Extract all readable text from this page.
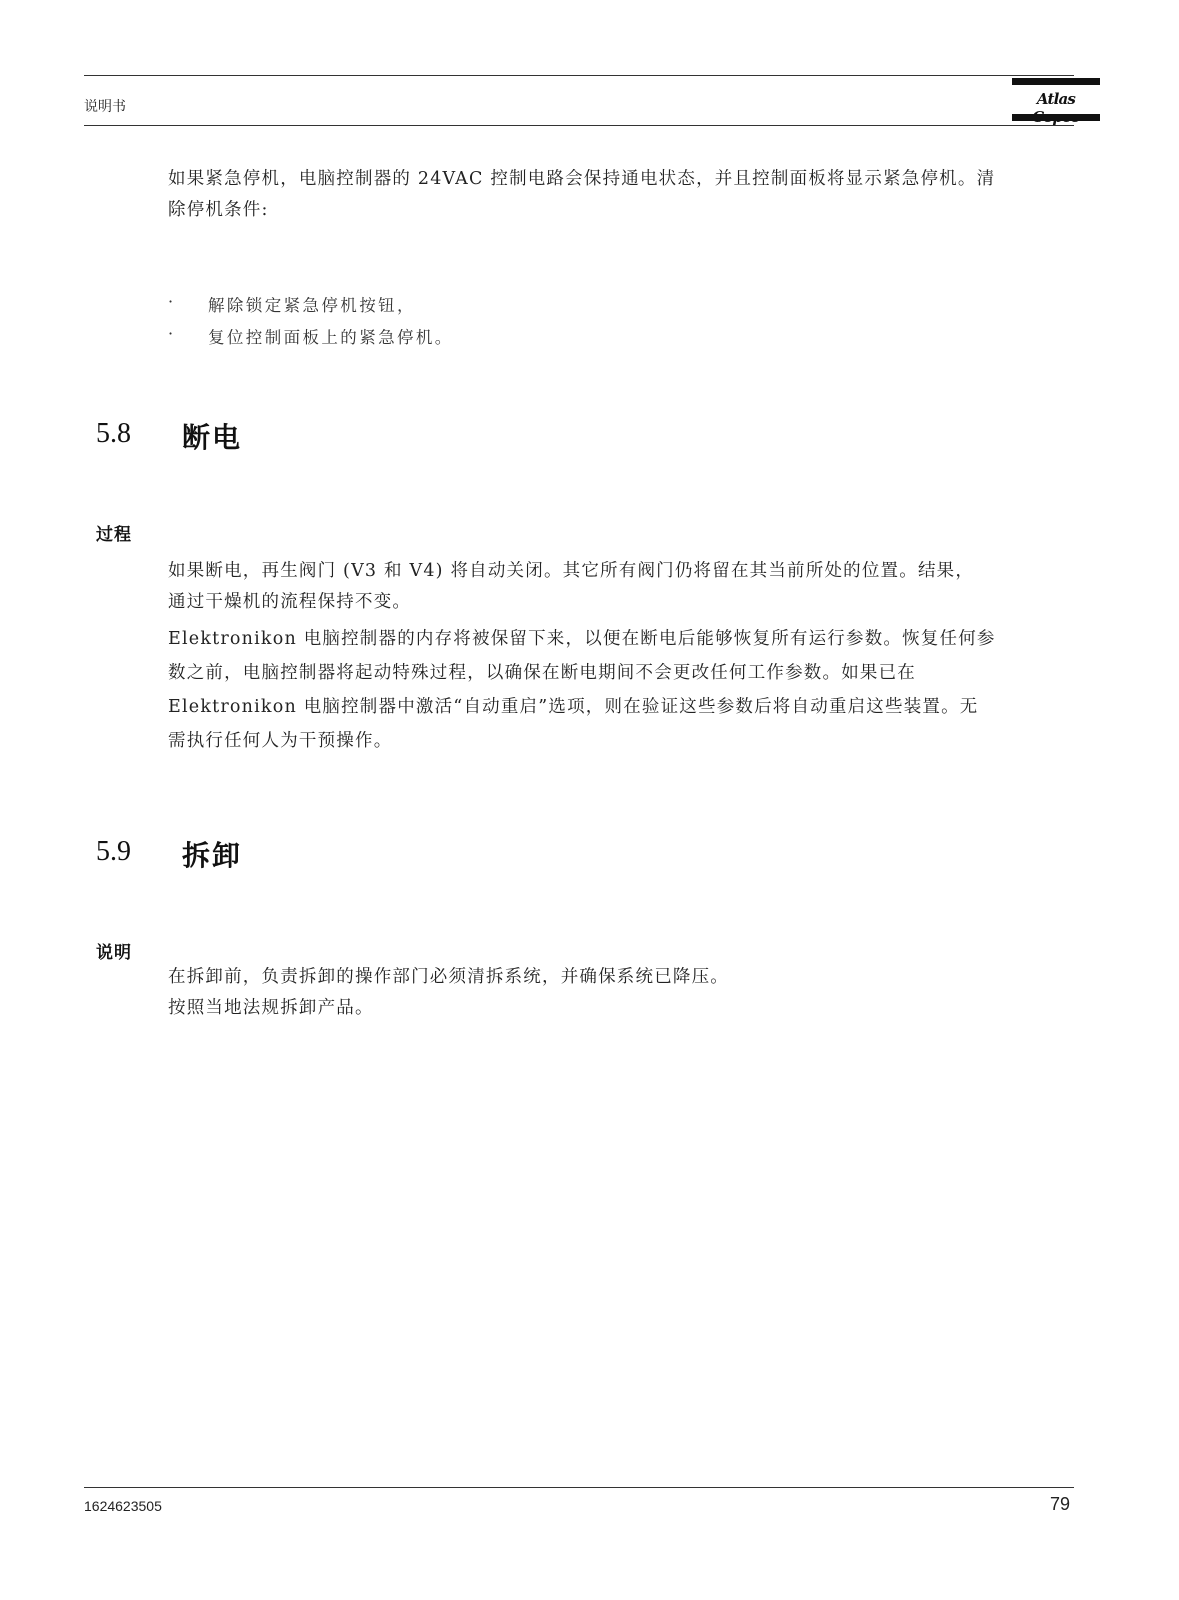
说明书	Atlas
如果紧急停机，电脑控制器的 24VAC 控制电路会保持通电状态，并且控制面板将显示紧急停机。清
除停机条件:
· 解除锁定紧急停机按钮，
· 复位控制面板上的紧急停机。
5.8 断电
过程
如果断电，再生阀门 (V3 和 V4) 将自动关闭。其它所有阀门仍将留在其当前所处的位置。结果，
通过干燥机的流程保持不变。
Elektronikon 电脑控制器的内存将被保留下来，以便在断电后能够恢复所有运行参数。恢复任何参
数之前，电脑控制器将起动特殊过程，以确保在断电期间不会更改任何工作参数。如果已在
Elektronikon 电脑控制器中激活“自动重启”选项，则在验证这些参数后将自动重启这些装置。无
需执行任何人为干预操作。
5.9 拆卸
说明
在拆卸前，负责拆卸的操作部门必须清拆系统，并确保系统已降压。
按照当地法规拆卸产品。
1624623505	79
